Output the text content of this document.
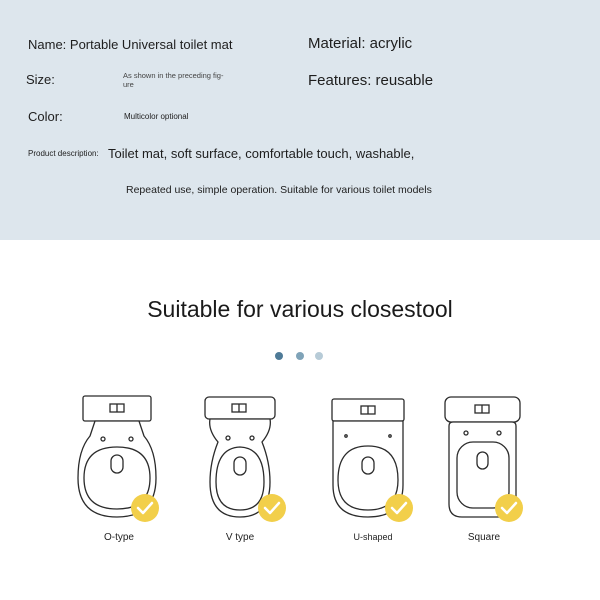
Name: Portable Universal toilet mat	Material: acrylic
Size:	As shown in the preceding fig-
ure	Features: reusable
Color:	Multicolor optional
Product description: Toilet mat, soft surface, comfortable touch, washable,
Repeated use, simple operation. Suitable for various toilet models
Suitable for various closestool
O-type	V type	U-shaped	Square
